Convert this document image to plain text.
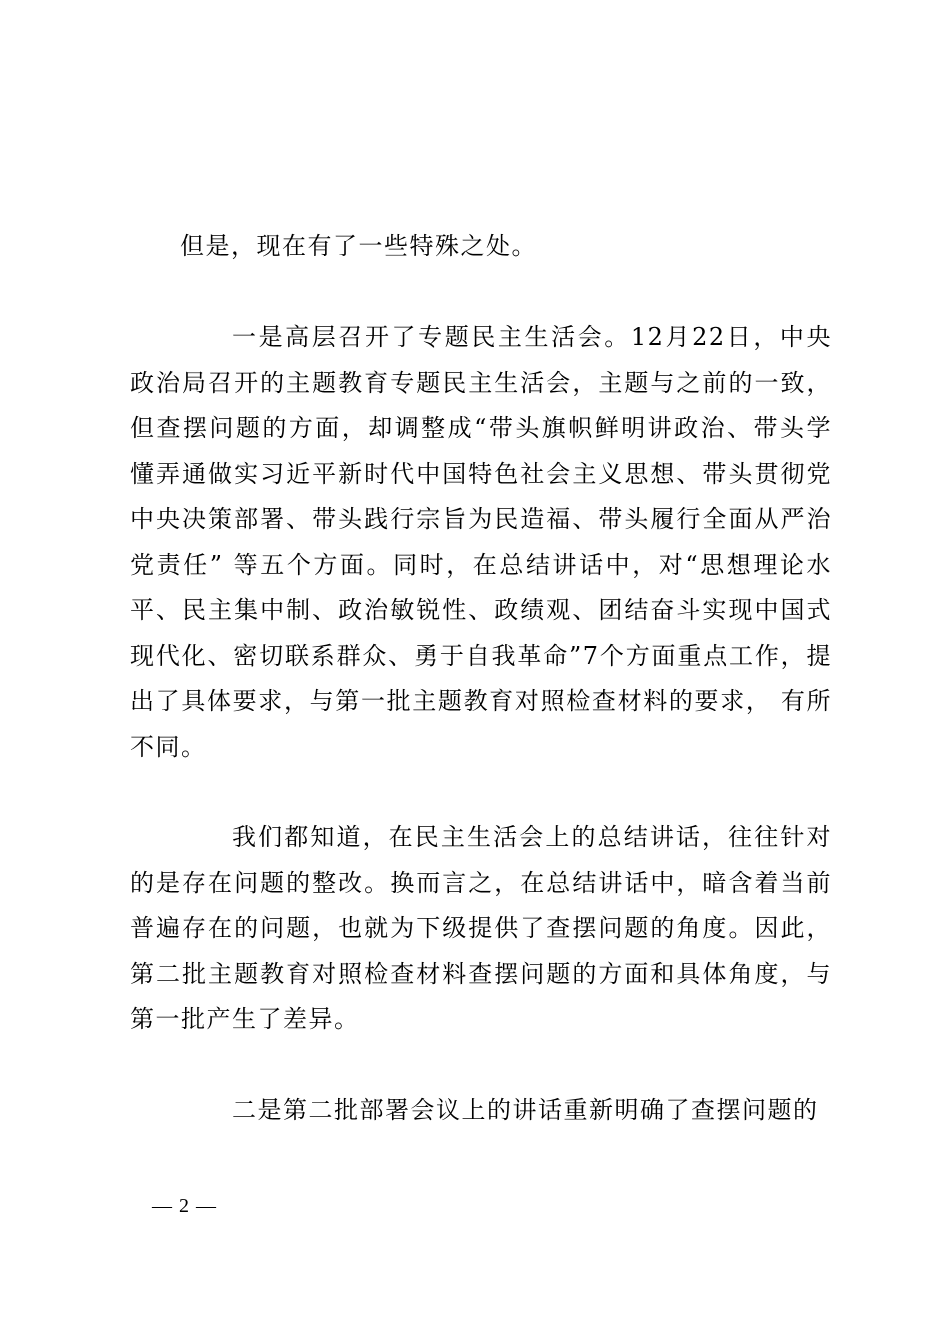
但是，现在有了一些特殊之处。

一是高层召开了专题民主生活会。12月22日，中央政治局召开的主题教育专题民主生活会，主题与之前的一致，但查摆问题的方面，却调整成“带头旗帜鲜明讲政治、带头学懂弄通做实习近平新时代中国特色社会主义思想、带头贯彻党中央决策部署、带头践行宗旨为民造福、带头履行全面从严治党责任” 等五个方面。同时，在总结讲话中，对“思想理论水平、民主集中制、政治敏锐性、政绩观、团结奋斗实现中国式现代化、密切联系群众、勇于自我革命”7个方面重点工作，提出了具体要求，与第一批主题教育对照检查材料的要求， 有所不同。

我们都知道，在民主生活会上的总结讲话，往往针对的是存在问题的整改。换而言之，在总结讲话中，暗含着当前普遍存在的问题，也就为下级提供了查摆问题的角度。因此，第二批主题教育对照检查材料查摆问题的方面和具体角度，与第一批产生了差异。

二是第二批部署会议上的讲话重新明确了查摆问题的

— 2 —
